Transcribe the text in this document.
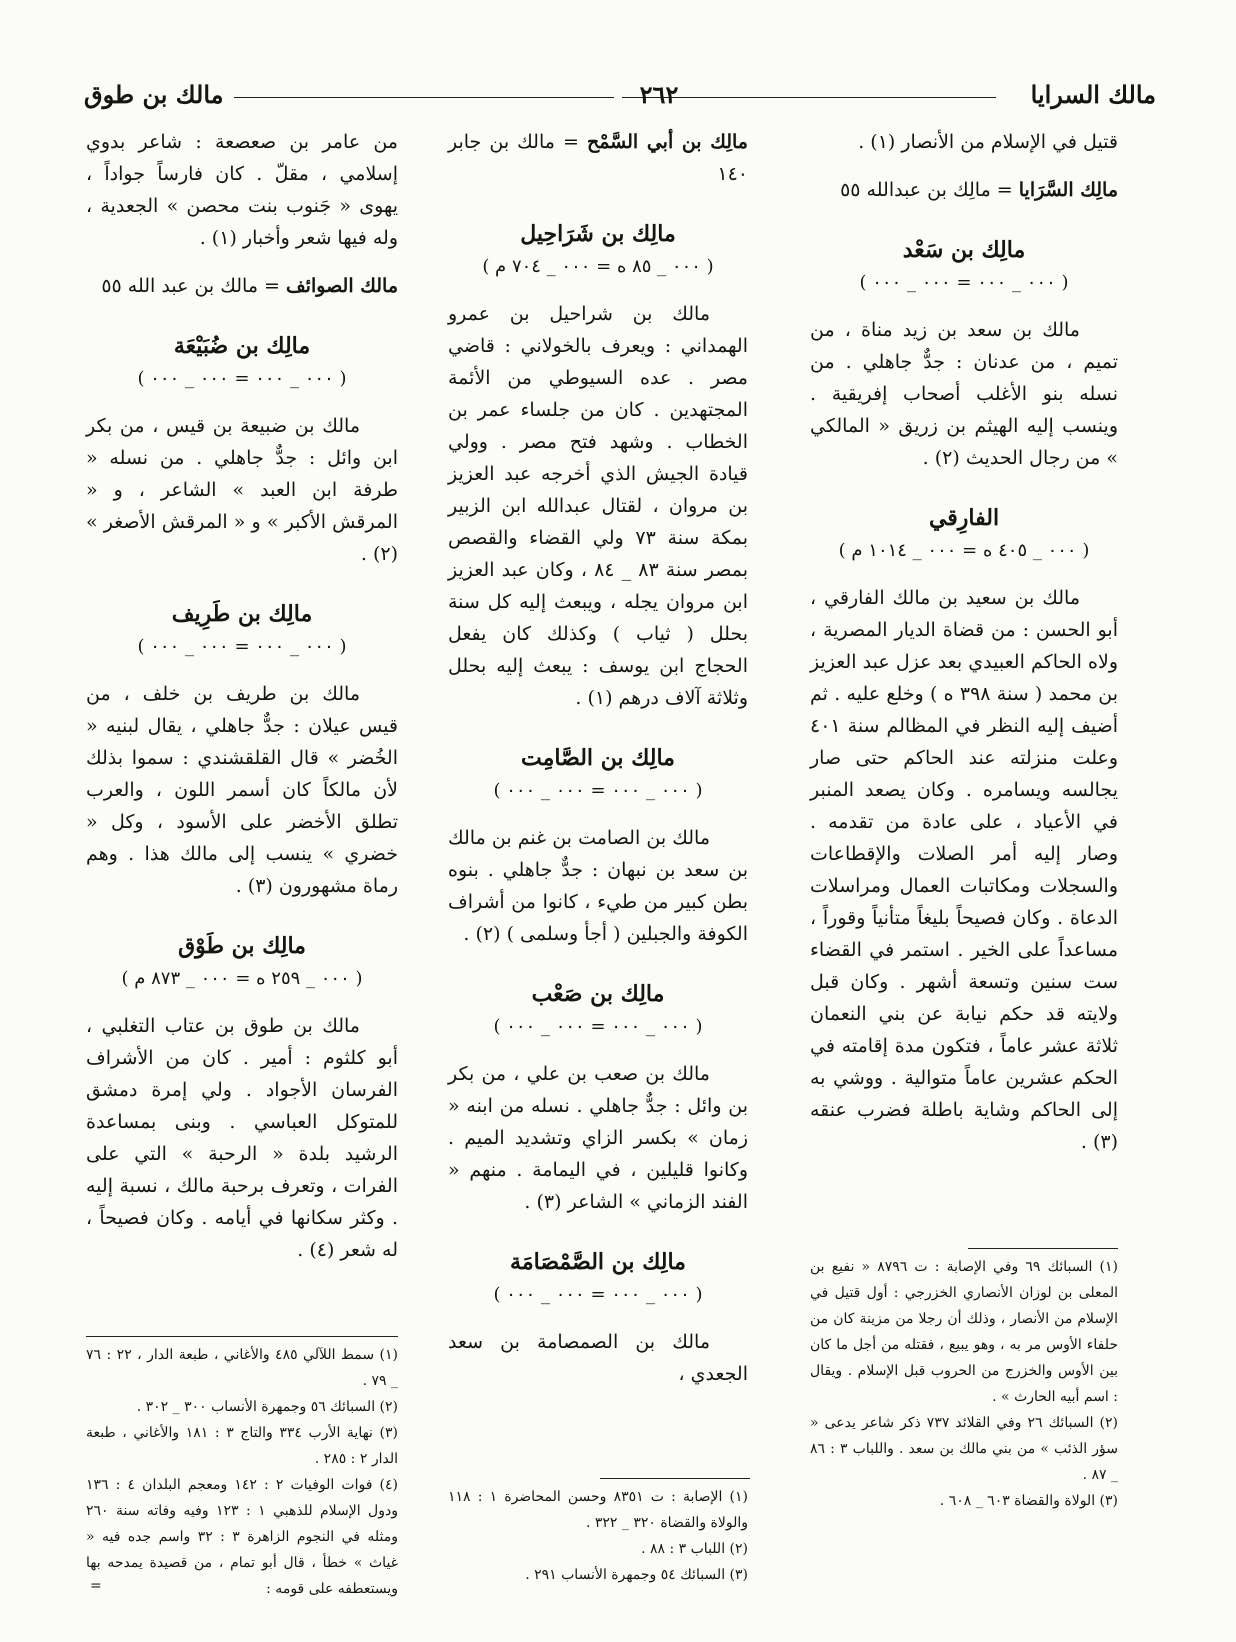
مالك السرايا
٢٦٢
مالك بن طوق

قتيل في الإسلام من الأنصار (١) .

مالِك السَّرَايا = مالِك بن عبدالله ٥٥

مالِك بن سَعْد

( ٠٠٠ _ ٠٠٠ = ٠٠٠ _ ٠٠٠ )

مالك بن سعد بن زيد مناة ، من تميم ، من عدنان : جدٌّ جاهلي . من نسله بنو الأغلب أصحاب إفريقية . وينسب إليه الهيثم بن زريق « المالكي » من رجال الحديث (٢) .

الفارِقي

( ٠٠٠ _ ٤٠٥ ه = ٠٠٠ _ ١٠١٤ م )

مالك بن سعيد بن مالك الفارقي ، أبو الحسن : من قضاة الديار المصرية ، ولاه الحاكم العبيدي بعد عزل عبد العزيز بن محمد ( سنة ٣٩٨ ه ) وخلع عليه . ثم أضيف إليه النظر في المظالم سنة ٤٠١ وعلت منزلته عند الحاكم حتى صار يجالسه ويسامره . وكان يصعد المنبر في الأعياد ، على عادة من تقدمه . وصار إليه أمر الصلات والإقطاعات والسجلات ومكاتبات العمال ومراسلات الدعاة . وكان فصيحاً بليغاً متأنياً وقوراً ، مساعداً على الخير . استمر في القضاء ست سنين وتسعة أشهر . وكان قبل ولايته قد حكم نيابة عن بني النعمان ثلاثة عشر عاماً ، فتكون مدة إقامته في الحكم عشرين عاماً متوالية . ووشي به إلى الحاكم وشاية باطلة فضرب عنقه (٣) .

(١) السبائك ٦٩ وفي الإصابة : ت ٨٧٩٦ « نفيع بن المعلى بن لوزان الأنصاري الخزرجي : أول قتيل في الإسلام من الأنصار ، وذلك أن رجلا من مزينة كان من حلفاء الأوس مر به ، وهو يبيع ، فقتله من أجل ما كان بين الأوس والخزرج من الحروب قبل الإسلام . ويقال : اسم أبيه الحارث » .

(٢) السبائك ٢٦ وفي القلائد ٧٣٧ ذكر شاعر يدعى « سؤر الذئب » من بني مالك بن سعد . واللباب ٣ : ٨٦ _ ٨٧ .

(٣) الولاة والقضاة ٦٠٣ _ ٦٠٨ .

مالِك بن أبي السَّمْح = مالك بن جابر ١٤٠

مالِك بن شَرَاحِيل

( ٠٠٠ _ ٨٥ ه = ٠٠٠ _ ٧٠٤ م )

مالك بن شراحيل بن عمرو الهمداني : ويعرف بالخولاني : قاضي مصر . عده السيوطي من الأئمة المجتهدين . كان من جلساء عمر بن الخطاب . وشهد فتح مصر . وولي قيادة الجيش الذي أخرجه عبد العزيز بن مروان ، لقتال عبدالله ابن الزبير بمكة سنة ٧٣ ولي القضاء والقصص بمصر سنة ٨٣ _ ٨٤ ، وكان عبد العزيز ابن مروان يجله ، ويبعث إليه كل سنة بحلل ( ثياب ) وكذلك كان يفعل الحجاج ابن يوسف : يبعث إليه بحلل وثلاثة آلاف درهم (١) .

مالِك بن الصَّامِت

( ٠٠٠ _ ٠٠٠ = ٠٠٠ _ ٠٠٠ )

مالك بن الصامت بن غنم بن مالك بن سعد بن نبهان : جدٌّ جاهلي . بنوه بطن كبير من طيء ، كانوا من أشراف الكوفة والجبلين ( أجأ وسلمى ) (٢) .

مالِك بن صَعْب

( ٠٠٠ _ ٠٠٠ = ٠٠٠ _ ٠٠٠ )

مالك بن صعب بن علي ، من بكر بن وائل : جدٌّ جاهلي . نسله من ابنه « زمان » بكسر الزاي وتشديد الميم . وكانوا قليلين ، في اليمامة . منهم « الفند الزماني » الشاعر (٣) .

مالِك بن الصَّمْصَامَة

( ٠٠٠ _ ٠٠٠ = ٠٠٠ _ ٠٠٠ )

مالك بن الصمصامة بن سعد الجعدي ،

(١) الإصابة : ت ٨٣٥١ وحسن المحاضرة ١ : ١١٨ والولاة والقضاة ٣٢٠ _ ٣٢٢ .

(٢) اللباب ٣ : ٨٨ .

(٣) السبائك ٥٤ وجمهرة الأنساب ٢٩١ .

من عامر بن صعصعة : شاعر بدوي إسلامي ، مقلّ . كان فارساً جواداً ، يهوى « جَنوب بنت محصن » الجعدية ، وله فيها شعر وأخبار (١) .

مالك الصوائف = مالك بن عبد الله ٥٥

مالِك بن ضُبَيْعَة

( ٠٠٠ _ ٠٠٠ = ٠٠٠ _ ٠٠٠ )

مالك بن ضبيعة بن قيس ، من بكر ابن وائل : جدٌّ جاهلي . من نسله « طرفة ابن العبد » الشاعر ، و « المرقش الأكبر » و « المرقش الأصغر » (٢) .

مالِك بن طَرِيف

( ٠٠٠ _ ٠٠٠ = ٠٠٠ _ ٠٠٠ )

مالك بن طريف بن خلف ، من قيس عيلان : جدٌّ جاهلي ، يقال لبنيه « الخُضر » قال القلقشندي : سموا بذلك لأن مالكاً كان أسمر اللون ، والعرب تطلق الأخضر على الأسود ، وكل « خضري » ينسب إلى مالك هذا . وهم رماة مشهورون (٣) .

مالِك بن طَوْق

( ٠٠٠ _ ٢٥٩ ه = ٠٠٠ _ ٨٧٣ م )

مالك بن طوق بن عتاب التغلبي ، أبو كلثوم : أمير . كان من الأشراف الفرسان الأجواد . ولي إمرة دمشق للمتوكل العباسي . وبنى بمساعدة الرشيد بلدة « الرحبة » التي على الفرات ، وتعرف برحبة مالك ، نسبة إليه . وكثر سكانها في أيامه . وكان فصيحاً ، له شعر (٤) .

(١) سمط اللآلي ٤٨٥ والأغاني ، طبعة الدار ، ٢٢ : ٧٦ _ ٧٩ .

(٢) السبائك ٥٦ وجمهرة الأنساب ٣٠٠ _ ٣٠٢ .

(٣) نهاية الأرب ٣٣٤ والتاج ٣ : ١٨١ والأغاني ، طبعة الدار ٢ : ٢٨٥ .

(٤) فوات الوفيات ٢ : ١٤٢ ومعجم البلدان ٤ : ١٣٦ ودول الإسلام للذهبي ١ : ١٢٣ وفيه وفاته سنة ٢٦٠ ومثله في النجوم الزاهرة ٣ : ٣٢ واسم جده فيه « غياث » خطأ ، قال أبو تمام ، من قصيدة يمدحه بها ويستعطفه على قومه :

=
